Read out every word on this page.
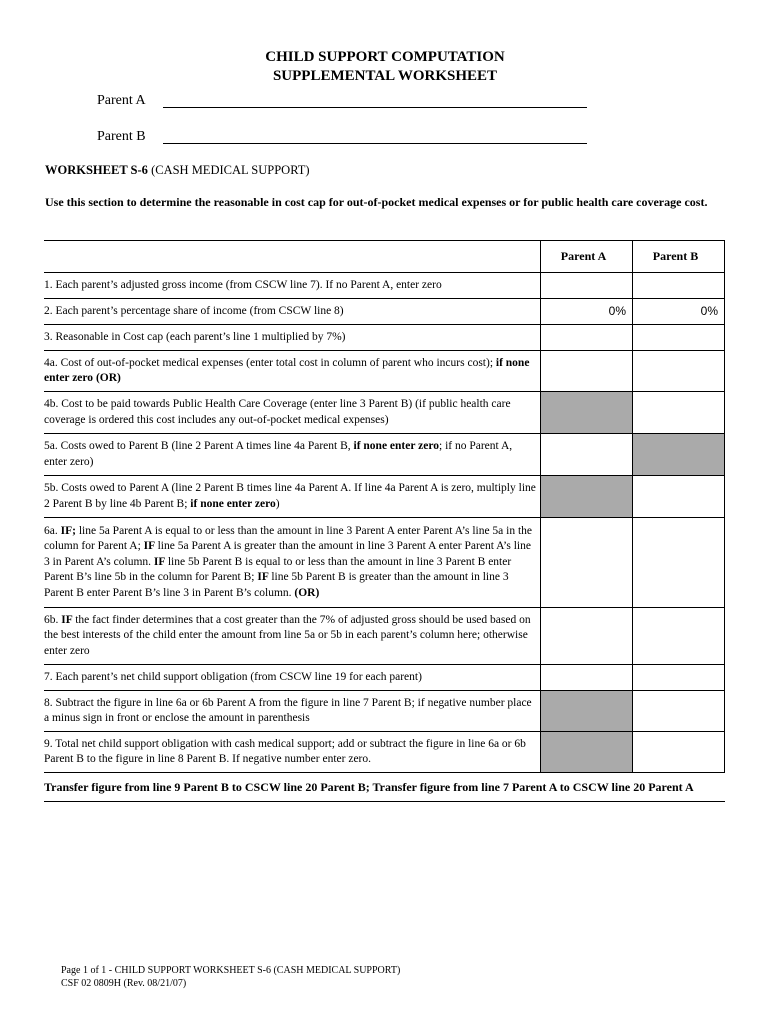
CHILD SUPPORT COMPUTATION
SUPPLEMENTAL WORKSHEET
Parent A
Parent B
WORKSHEET S-6 (CASH MEDICAL SUPPORT)
Use this section to determine the reasonable in cost cap for out-of-pocket medical expenses or for public health care coverage cost.
	Parent A	Parent B
1. Each parent’s adjusted gross income (from CSCW line 7). If no Parent A, enter zero		
2. Each parent’s percentage share of income (from CSCW line 8)	0%	0%
3. Reasonable in Cost cap (each parent’s line 1 multiplied by 7%)		
4a. Cost of out-of-pocket medical expenses (enter total cost in column of parent who incurs cost); if none enter zero (OR)		
4b. Cost to be paid towards Public Health Care Coverage (enter line 3 Parent B) (if public health care coverage is ordered this cost includes any out-of-pocket medical expenses)		
5a. Costs owed to Parent B (line 2 Parent A times line 4a Parent B, if none enter zero; if no Parent A, enter zero)		
5b. Costs owed to Parent A (line 2 Parent B times line 4a Parent A. If line 4a Parent A is zero, multiply line 2 Parent B by line 4b Parent B; if none enter zero)		
6a. IF; line 5a Parent A is equal to or less than the amount in line 3 Parent A enter Parent A’s line 5a in the column for Parent A; IF line 5a Parent A is greater than the amount in line 3 Parent A enter Parent A’s line 3 in Parent A’s column. IF line 5b Parent B is equal to or less than the amount in line 3 Parent B enter Parent B’s line 5b in the column for Parent B; IF line 5b Parent B is greater than the amount in line 3 Parent B enter Parent B’s line 3 in Parent B’s column. (OR)		
6b. IF the fact finder determines that a cost greater than the 7% of adjusted gross should be used based on the best interests of the child enter the amount from line 5a or 5b in each parent’s column here; otherwise enter zero		
7. Each parent’s net child support obligation (from CSCW line 19 for each parent)		
8. Subtract the figure in line 6a or 6b Parent A from the figure in line 7 Parent B; if negative number place a minus sign in front or enclose the amount in parenthesis		
9. Total net child support obligation with cash medical support; add or subtract the figure in line 6a or 6b Parent B to the figure in line 8 Parent B. If negative number enter zero.		
Transfer figure from line 9 Parent B to CSCW line 20 Parent B; Transfer figure from line 7 Parent A to CSCW line 20 Parent A		
Page 1 of 1 - CHILD SUPPORT WORKSHEET S-6 (CASH MEDICAL SUPPORT)
CSF 02 0809H (Rev. 08/21/07)
